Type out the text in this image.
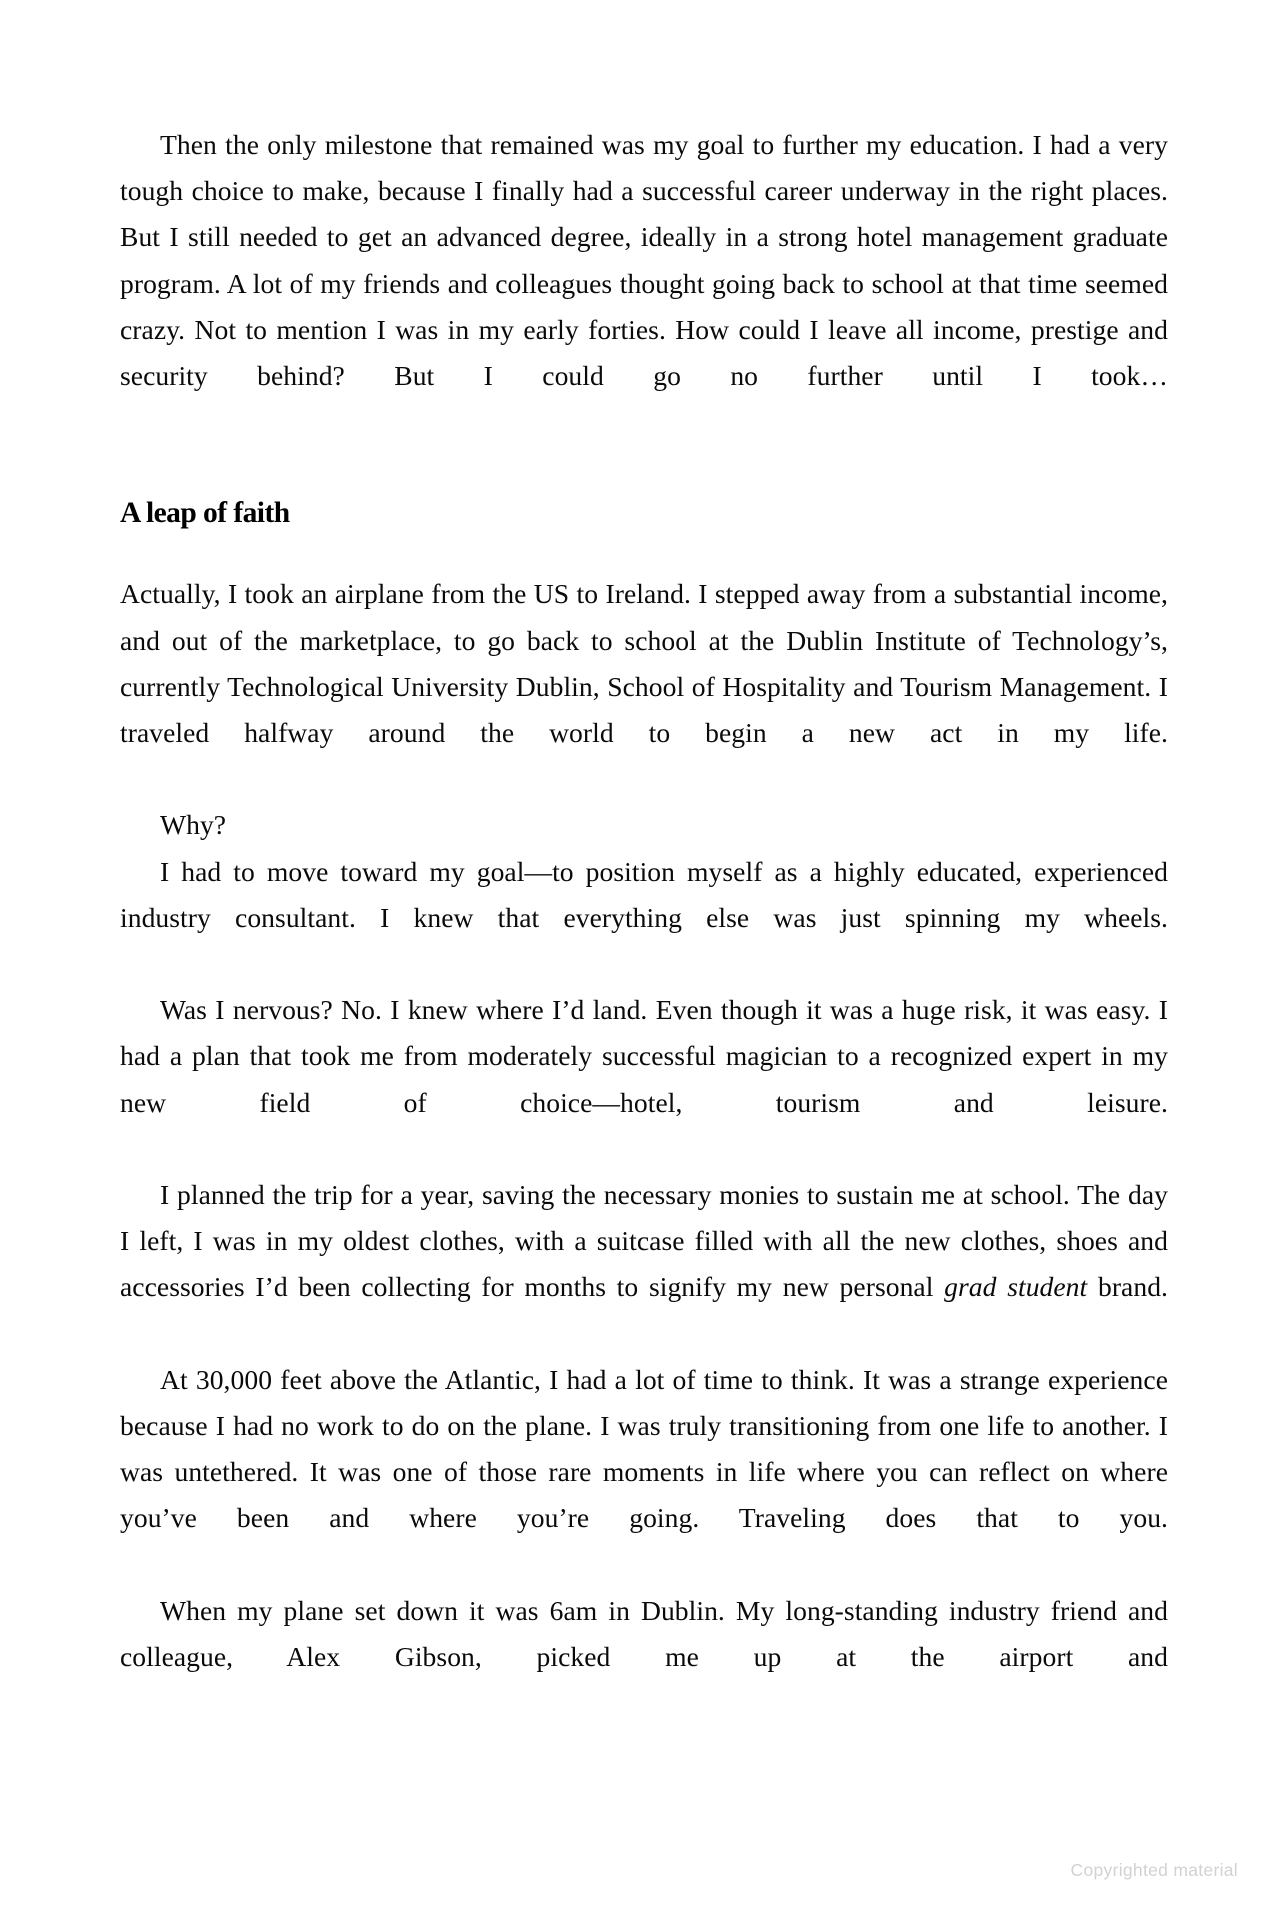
Then the only milestone that remained was my goal to further my education. I had a very tough choice to make, because I finally had a successful career underway in the right places. But I still needed to get an advanced degree, ideally in a strong hotel management graduate program. A lot of my friends and colleagues thought going back to school at that time seemed crazy. Not to mention I was in my early forties. How could I leave all income, prestige and security behind? But I could go no further until I took…

A leap of faith

Actually, I took an airplane from the US to Ireland. I stepped away from a substantial income, and out of the marketplace, to go back to school at the Dublin Institute of Technology’s, currently Technological University Dublin, School of Hospitality and Tourism Management. I traveled halfway around the world to begin a new act in my life.

Why?

I had to move toward my goal—to position myself as a highly educated, experienced industry consultant. I knew that everything else was just spinning my wheels.

Was I nervous? No. I knew where I’d land. Even though it was a huge risk, it was easy. I had a plan that took me from moderately successful magician to a recognized expert in my new field of choice—hotel, tourism and leisure.

I planned the trip for a year, saving the necessary monies to sustain me at school. The day I left, I was in my oldest clothes, with a suitcase filled with all the new clothes, shoes and accessories I’d been collecting for months to signify my new personal grad student brand.

At 30,000 feet above the Atlantic, I had a lot of time to think. It was a strange experience because I had no work to do on the plane. I was truly transitioning from one life to another. I was untethered. It was one of those rare moments in life where you can reflect on where you’ve been and where you’re going. Traveling does that to you.

When my plane set down it was 6am in Dublin. My long-standing industry friend and colleague, Alex Gibson, picked me up at the airport and

Copyrighted material
